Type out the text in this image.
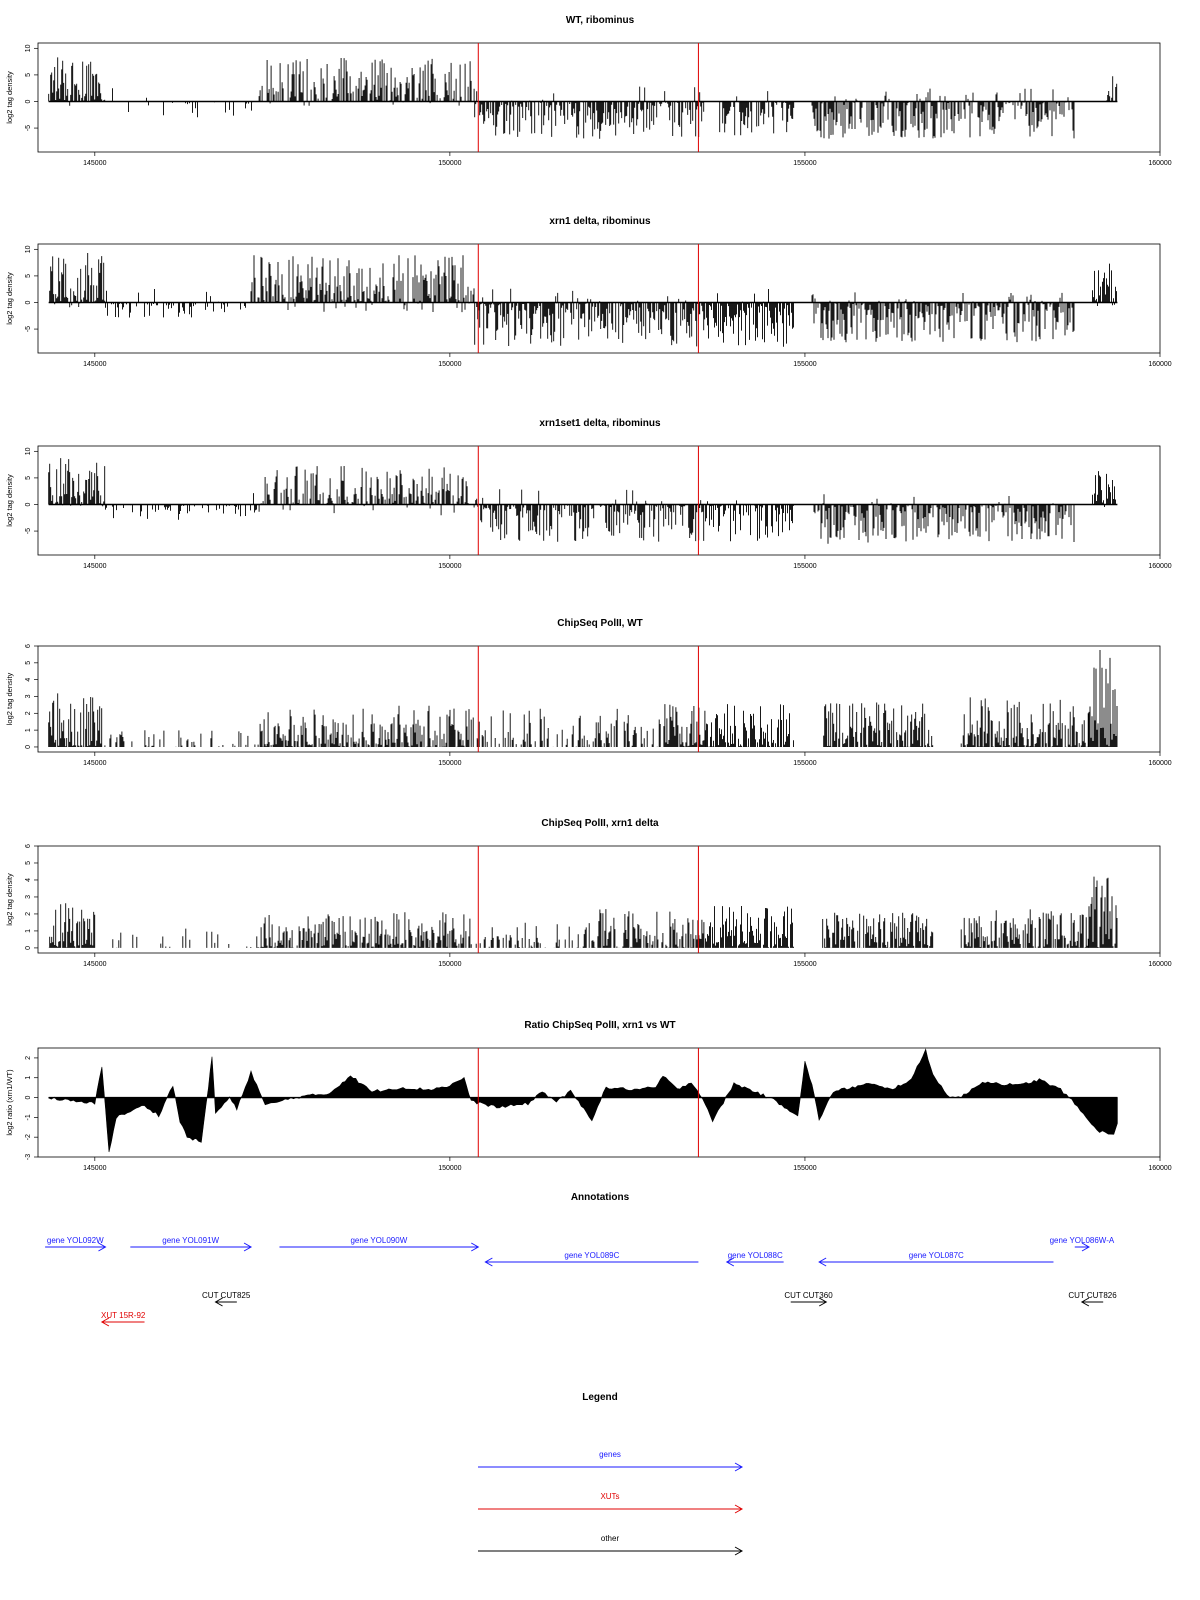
WT, ribominus
log2 tag density
-5
0
5
10
145000	150000	155000	160000
xrn1 delta, ribominus
log2 tag density
-5
0
5
10
145000	150000	155000	160000
xrn1set1 delta, ribominus
log2 tag density
-5
0
5
10
145000	150000	155000	160000
ChipSeq PolII, WT
log2 tag density
0
1
2
3
4
5
6
145000	150000	155000	160000
ChipSeq PolII, xrn1 delta
log2 tag density
0
1
2
3
4
5
6
145000	150000	155000	160000
Ratio ChipSeq PolII, xrn1 vs WT
log2 ratio (xrn1/WT)
-3
-2
-1
0
1
2
145000	150000	155000	160000
Annotations
gene YOL092W	gene YOL091W	gene YOL090W
gene YOL089C	gene YOL088C	gene YOL087C
gene YOL086W-A
CUT CUT825	CUT CUT360	CUT CUT826
XUT 15R-92
Legend
genes
XUTs
other
